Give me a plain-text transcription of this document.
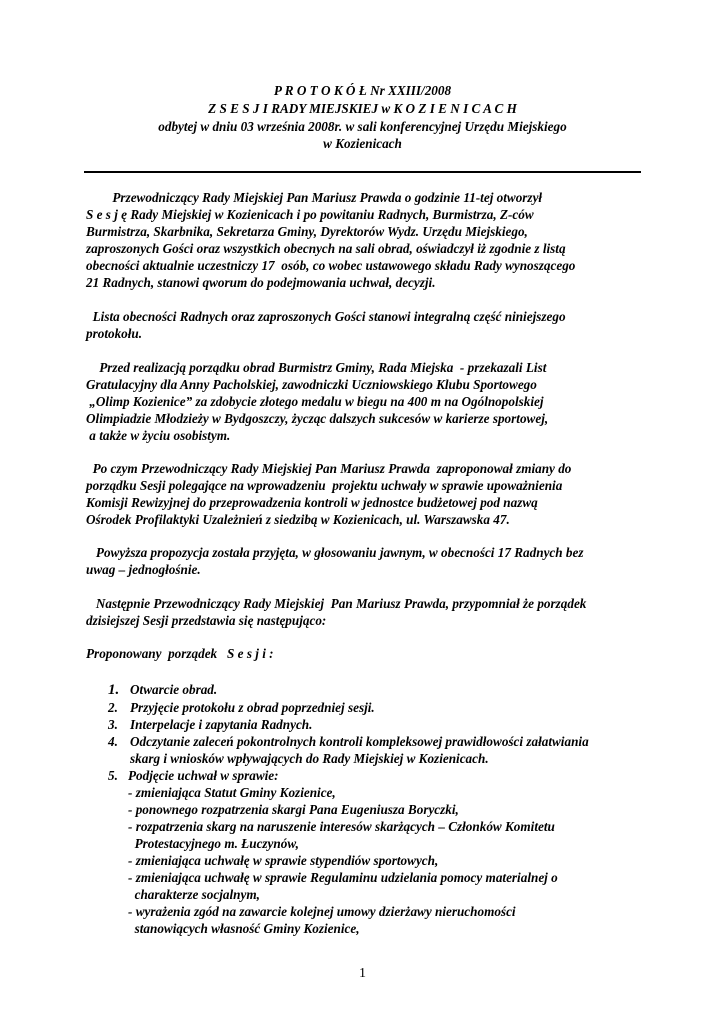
P R O T O K Ó Ł Nr XXIII/2008
Z S E S J I RADY MIEJSKIEJ w K O Z I E N I C A C H
odbytej w dniu 03 września 2008r. w sali konferencyjnej Urzędu Miejskiego
w Kozienicach
Przewodniczący Rady Miejskiej Pan Mariusz Prawda o godzinie 11-tej otworzył
S e s j ę Rady Miejskiej w Kozienicach i po powitaniu Radnych, Burmistrza, Z-ców
Burmistrza, Skarbnika, Sekretarza Gminy, Dyrektorów Wydz. Urzędu Miejskiego,
zaproszonych Gości oraz wszystkich obecnych na sali obrad, oświadczył iż zgodnie z listą
obecności aktualnie uczestniczy 17  osób, co wobec ustawowego składu Rady wynoszącego
21 Radnych, stanowi qworum do podejmowania uchwał, decyzji.
Lista obecności Radnych oraz zaproszonych Gości stanowi integralną część niniejszego
protokołu.
Przed realizacją porządku obrad Burmistrz Gminy, Rada Miejska  - przekazali List
Gratulacyjny dla Anny Pacholskiej, zawodniczki Uczniowskiego Klubu Sportowego
„Olimp Kozienice” za zdobycie złotego medalu w biegu na 400 m na Ogólnopolskiej
Olimpiadzie Młodzieży w Bydgoszczy, życząc dalszych sukcesów w karierze sportowej,
a także w życiu osobistym.
Po czym Przewodniczący Rady Miejskiej Pan Mariusz Prawda  zaproponował zmiany do
porządku Sesji polegające na wprowadzeniu  projektu uchwały w sprawie upoważnienia
Komisji Rewizyjnej do przeprowadzenia kontroli w jednostce budżetowej pod nazwą
Ośrodek Profilaktyki Uzależnień z siedzibą w Kozienicach, ul. Warszawska 47.
Powyższa propozycja została przyjęta, w głosowaniu jawnym, w obecności 17 Radnych bez
uwag – jednogłośnie.
Następnie Przewodniczący Rady Miejskiej  Pan Mariusz Prawda, przypomniał że porządek
dzisiejszej Sesji przedstawia się następująco:
Proponowany  porządek   S e s j i :
1. Otwarcie obrad.
2. Przyjęcie protokołu z obrad poprzedniej sesji.
3. Interpelacje i zapytania Radnych.
4. Odczytanie zaleceń pokontrolnych kontroli kompleksowej prawidłowości załatwiania
skarg i wniosków wpływających do Rady Miejskiej w Kozienicach.
5. Podjęcie uchwał w sprawie:
- zmieniająca Statut Gminy Kozienice,
- ponownego rozpatrzenia skargi Pana Eugeniusza Boryczki,
- rozpatrzenia skarg na naruszenie interesów skarżących – Członków Komitetu
Protestacyjnego m. Łuczynów,
- zmieniająca uchwałę w sprawie stypendiów sportowych,
- zmieniająca uchwałę w sprawie Regulaminu udzielania pomocy materialnej o
charakterze socjalnym,
- wyrażenia zgód na zawarcie kolejnej umowy dzierżawy nieruchomości
stanowiących własność Gminy Kozienice,
1
